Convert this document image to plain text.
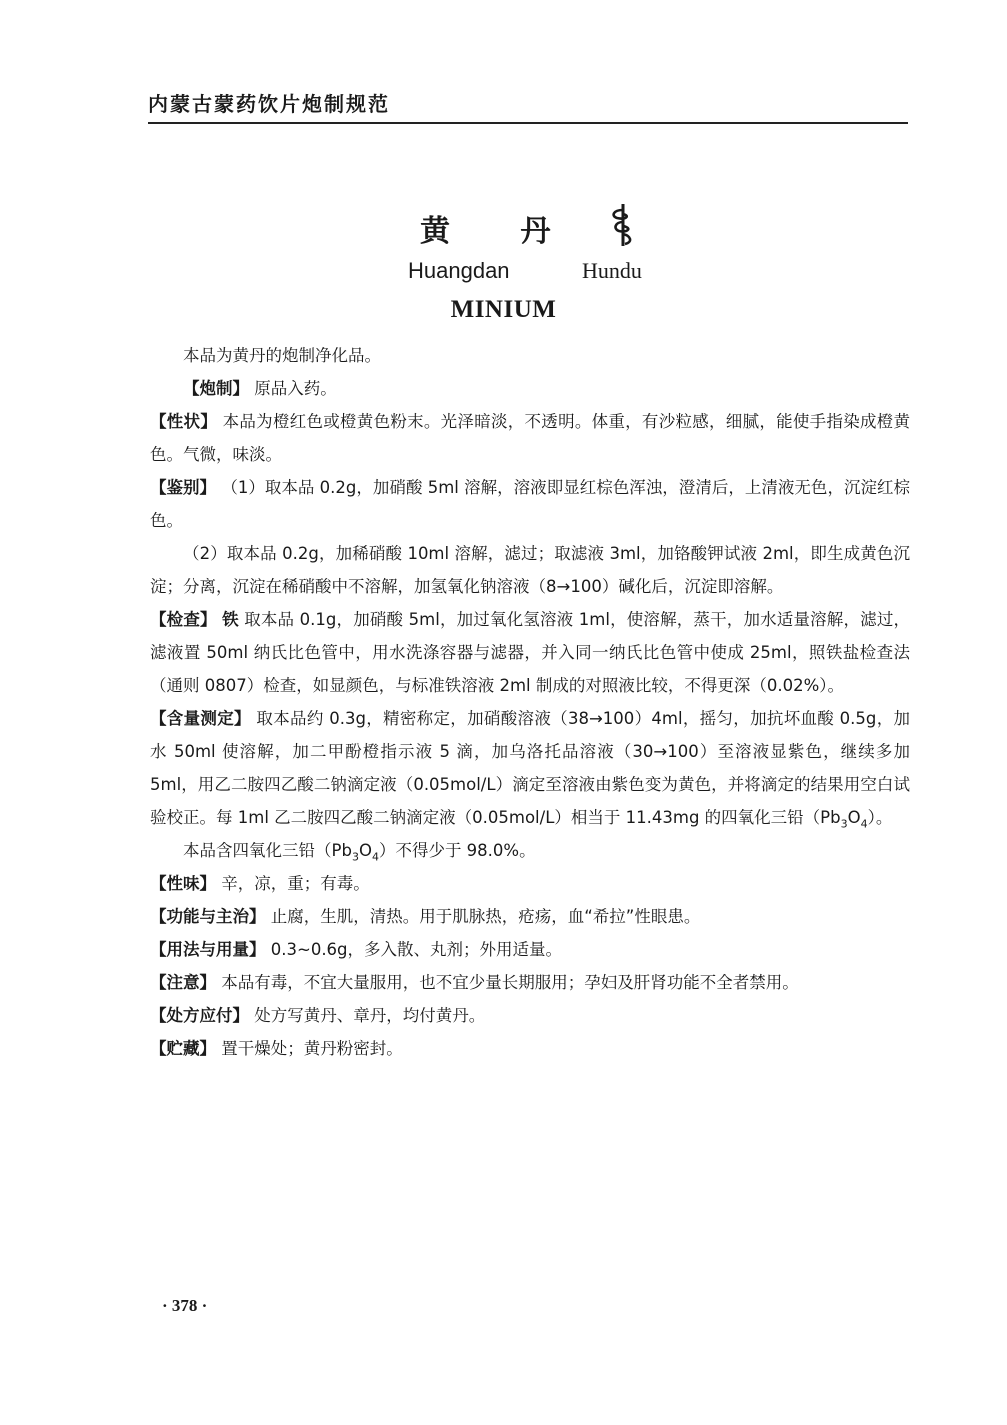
内蒙古蒙药饮片炮制规范
黄 丹
Huangdan	Hundu
MINIUM

本品为黄丹的炮制净化品。

【炮制】 原品入药。

【性状】 本品为橙红色或橙黄色粉末。光泽暗淡，不透明。体重，有沙粒感，细腻，能使手指染成橙黄色。气微，味淡。

【鉴别】 （1）取本品 0.2g，加硝酸 5ml 溶解，溶液即显红棕色浑浊，澄清后，上清液无色，沉淀红棕色。

（2）取本品 0.2g，加稀硝酸 10ml 溶解，滤过；取滤液 3ml，加铬酸钾试液 2ml，即生成黄色沉淀；分离，沉淀在稀硝酸中不溶解，加氢氧化钠溶液（8→100）碱化后，沉淀即溶解。

【检查】 铁 取本品 0.1g，加硝酸 5ml，加过氧化氢溶液 1ml，使溶解，蒸干，加水适量溶解，滤过，滤液置 50ml 纳氏比色管中，用水洗涤容器与滤器，并入同一纳氏比色管中使成 25ml，照铁盐检查法（通则 0807）检查，如显颜色，与标准铁溶液 2ml 制成的对照液比较，不得更深（0.02%）。

【含量测定】 取本品约 0.3g，精密称定，加硝酸溶液（38→100）4ml，摇匀，加抗坏血酸 0.5g，加水 50ml 使溶解，加二甲酚橙指示液 5 滴，加乌洛托品溶液（30→100）至溶液显紫色，继续多加 5ml，用乙二胺四乙酸二钠滴定液（0.05mol/L）滴定至溶液由紫色变为黄色，并将滴定的结果用空白试验校正。每 1ml 乙二胺四乙酸二钠滴定液（0.05mol/L）相当于 11.43mg 的四氧化三铅$(Pb_3O_4)$。

本品含四氧化三铅$(Pb_3O_4)$不得少于 98.0%。

【性味】 辛，凉，重；有毒。

【功能与主治】 止腐，生肌，清热。用于肌脉热，疮疡，血“希拉”性眼患。

【用法与用量】 0.3~0.6g，多入散、丸剂；外用适量。

【注意】 本品有毒，不宜大量服用，也不宜少量长期服用；孕妇及肝肾功能不全者禁用。

【处方应付】 处方写黄丹、章丹，均付黄丹。

【贮藏】 置干燥处；黄丹粉密封。

· 378 ·
